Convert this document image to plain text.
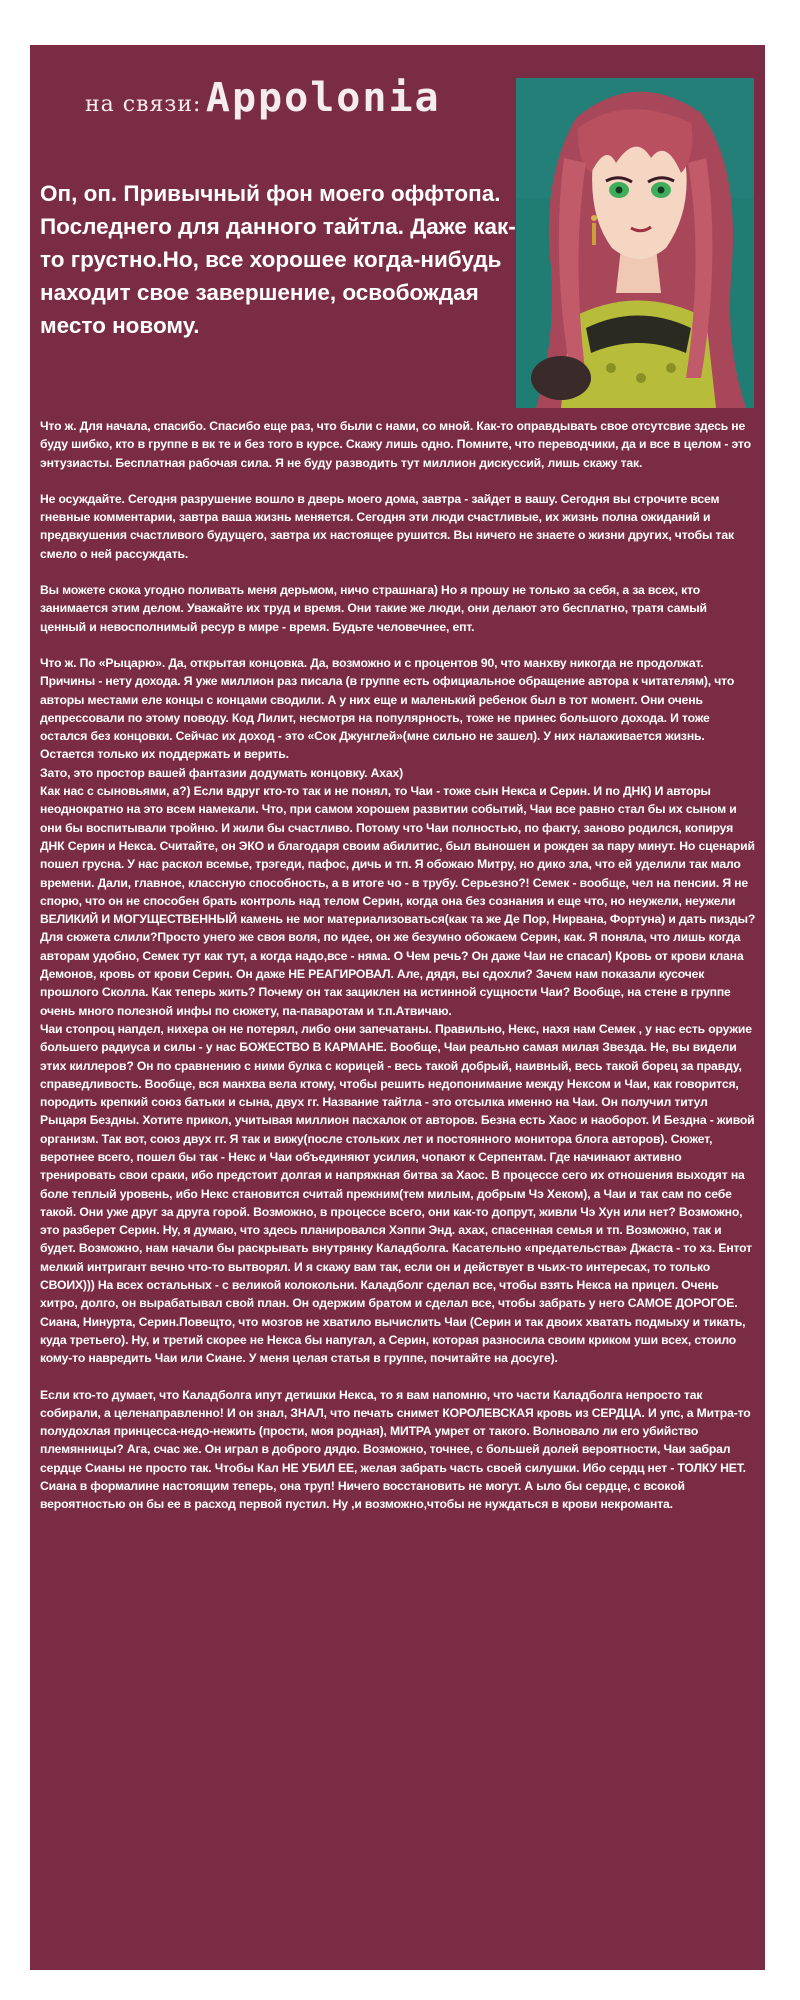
на связи: Appolonia

Оп, оп. Привычный фон моего оффтопа. Последнего для данного тайтла. Даже как-то грустно.Но, все хорошее когда-нибудь находит свое завершение, освобождая место новому.

Что ж. Для начала, спасибо. Спасибо еще раз, что были с нами, со мной. Как-то оправдывать свое отсутсвие здесь не буду шибко, кто в группе в вк те и без того в курсе. Скажу лишь одно. Помните, что переводчики, да и все в целом - это энтузиасты. Бесплатная рабочая сила. Я не буду разводить тут миллион дискуссий, лишь скажу так.

Не осуждайте. Сегодня разрушение вошло в дверь моего дома, завтра - зайдет в вашу. Сегодня вы строчите всем гневные комментарии, завтра ваша жизнь меняется. Сегодня эти люди счастливые, их жизнь полна ожиданий и предвкушения счастливого будущего, завтра их настоящее рушится. Вы ничего не знаете о жизни других, чтобы так смело о ней рассуждать.

Вы можете скока угодно поливать меня дерьмом, ничо страшнага) Но я прошу не только за себя, а за всех, кто занимается этим делом. Уважайте их труд и время. Они такие же люди, они делают это бесплатно, тратя самый ценный и невосполнимый ресур в мире - время. Будьте человечнее, епт.

Что ж. По «Рыцарю». Да, открытая концовка. Да, возможно и с процентов 90, что манхву никогда не продолжат. Причины - нету дохода. Я уже миллион раз писала (в группе есть официальное обращение автора к читателям), что авторы местами еле концы с концами сводили. А у них еще и маленький ребенок был в тот момент. Они очень депрессовали по этому поводу. Код Лилит, несмотря на популярность, тоже не принес большого дохода. И тоже остался без концовки. Сейчас их доход - это «Сок Джунглей»(мне сильно не зашел). У них налаживается жизнь. Остается только их поддержать и верить.
Зато, это простор вашей фантазии додумать концовку. Ахах)
Как нас с сыновьями, а?) Если вдруг кто-то так и не понял, то Чаи - тоже сын Некса и Серин. И по ДНК) И авторы неоднократно на это всем намекали. Что, при самом хорошем развитии событий, Чаи все равно стал бы их сыном и они бы воспитывали тройню. И жили бы счастливо. Потому что Чаи полностью, по факту, заново родился, копируя ДНК Серин и Некса. Считайте, он ЭКО и благодаря своим абилитис, был выношен и рожден за пару минут. Но сценарий пошел грусна. У нас раскол всемье, трэгеди, пафос, дичь и тп. Я обожаю Митру, но дико зла, что ей уделили так мало времени. Дали, главное, классную способность, а в итоге чо - в трубу. Серьезно?! Семек - вообще, чел на пенсии. Я не спорю, что он не способен брать контроль над телом Серин, когда она без сознания и еще что, но неужели, неужели ВЕЛИКИЙ И МОГУЩЕСТВЕННЫЙ камень не мог материализоваться(как та же Де Пор, Нирвана, Фортуна) и дать пизды? Для сюжета слили?Просто унего же своя воля, по идее, он же безумно обожаем Серин, как. Я поняла, что лишь когда авторам удобно, Семек тут как тут, а когда надо,все - няма. О Чем речь? Он даже Чаи не спасал) Кровь от крови клана Демонов, кровь от крови Серин. Он даже НЕ РЕАГИРОВАЛ. Але, дядя, вы сдохли? Зачем нам показали кусочек прошлого Сколла. Как теперь жить? Почему он так зациклен на истинной сущности Чаи? Вообще, на стене в группе очень много полезной инфы по сюжету, па-паваротам и т.п.Атвичаю.
Чаи стопроц напдел, нихера он не потерял, либо они запечатаны. Правильно, Некс, нахя нам Семек , у нас есть оружие большего радиуса и силы - у нас БОЖЕСТВО В КАРМАНЕ. Вообще, Чаи реально самая милая Звезда. Не, вы видели этих киллеров? Он по сравнению с ними булка с корицей - весь такой добрый, наивный, весь такой борец за правду, справедливость. Вообще, вся манхва вела ктому, чтобы решить недопонимание между Нексом и Чаи, как говорится, породить крепкий союз батьки и сына, двух гг. Название тайтла - это отсылка именно на Чаи. Он получил титул Рыцаря Бездны. Хотите прикол, учитывая миллион пасхалок от авторов. Безна есть Хаос и наоборот. И Бездна - живой организм. Так вот, союз двух гг. Я так и вижу(после стольких лет и постоянного монитора блога авторов). Сюжет, веротнее всего, пошел бы так - Некс и Чаи объединяют усилия, чопают к Серпентам. Где начинают активно тренировать свои сраки, ибо предстоит долгая и напряжная битва за Хаос. В процессе сего их отношения выходят на боле теплый уровень, ибо Некс становится считай прежним(тем милым, добрым Чэ Хеком), а Чаи и так сам по себе такой. Они уже друг за друга горой. Возможно, в процессе всего, они как-то допрут, живли Чэ Хун или нет? Возможно, это разберет Серин. Ну, я думаю, что здесь планировался Хэппи Энд. ахах, спасенная семья и тп. Возможно, так и будет. Возможно, нам начали бы раскрывать внутрянку Каладболга. Касательно «предательства» Джаста - то хз. Ентот мелкий интригант вечно что-то вытворял. И я скажу вам так, если он и действует в чьих-то интересах, то только СВОИХ))) На всех остальных - с великой колокольни. Каладболг сделал все, чтобы взять Некса на прицел. Очень хитро, долго, он вырабатывал свой план. Он одержим братом и сделал все, чтобы забрать у него САМОЕ ДОРОГОЕ. Сиана, Нинурта, Серин.Повещто, что мозгов не хватило вычислить Чаи (Серин и так двоих хватать подмыху и тикать, куда третьего). Ну, и третий скорее не Некса бы напугал, а Серин, которая разносила своим криком уши всех, стоило кому-то навредить Чаи или Сиане. У меня целая статья в группе, почитайте на досуге).

Если кто-то думает, что Каладболга ипут детишки Некса, то я вам напомню, что части Каладболга непросто так собирали, а целенаправленно! И он знал, ЗНАЛ, что печать снимет КОРОЛЕВСКАЯ кровь из СЕРДЦА. И упс, а Митра-то полудохлая принцесса-недо-нежить (прости, моя родная), МИТРА умрет от такого. Волновало ли его убийство племянницы? Ага, счас же. Он играл в доброго дядю. Возможно, точнее, с большей долей вероятности, Чаи забрал сердце Сианы не просто так. Чтобы Кал НЕ УБИЛ ЕЕ, желая забрать часть своей силушки. Ибо сердц нет - ТОЛКУ НЕТ. Сиана в формалине настоящим теперь, она труп! Ничего восстановить не могут. А ыло бы сердце, с всокой вероятностью он бы ее в расход первой пустил. Ну ,и возможно,чтобы не нуждаться в крови некроманта.
